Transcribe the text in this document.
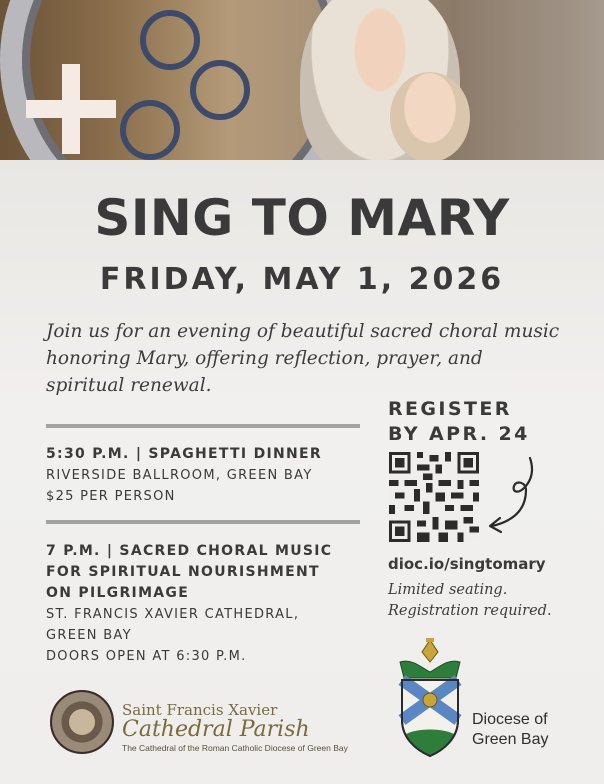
SING TO MARY
FRIDAY, MAY 1, 2026

Join us for an evening of beautiful sacred choral music honoring Mary, offering reflection, prayer, and spiritual renewal.

5:30 P.M. | SPAGHETTI DINNER
RIVERSIDE BALLROOM, GREEN BAY
$25 PER PERSON
7 P.M. | SACRED CHORAL MUSIC
FOR SPIRITUAL NOURISHMENT
ON PILGRIMAGE
ST. FRANCIS XAVIER CATHEDRAL,
GREEN BAY
DOORS OPEN AT 6:30 P.M.
REGISTER
BY APR. 24
dioc.io/singtomary
Limited seating.
Registration required.
Saint Francis Xavier
Cathedral Parish
The Cathedral of the Roman Catholic Diocese of Green Bay
Diocese of
Green Bay
